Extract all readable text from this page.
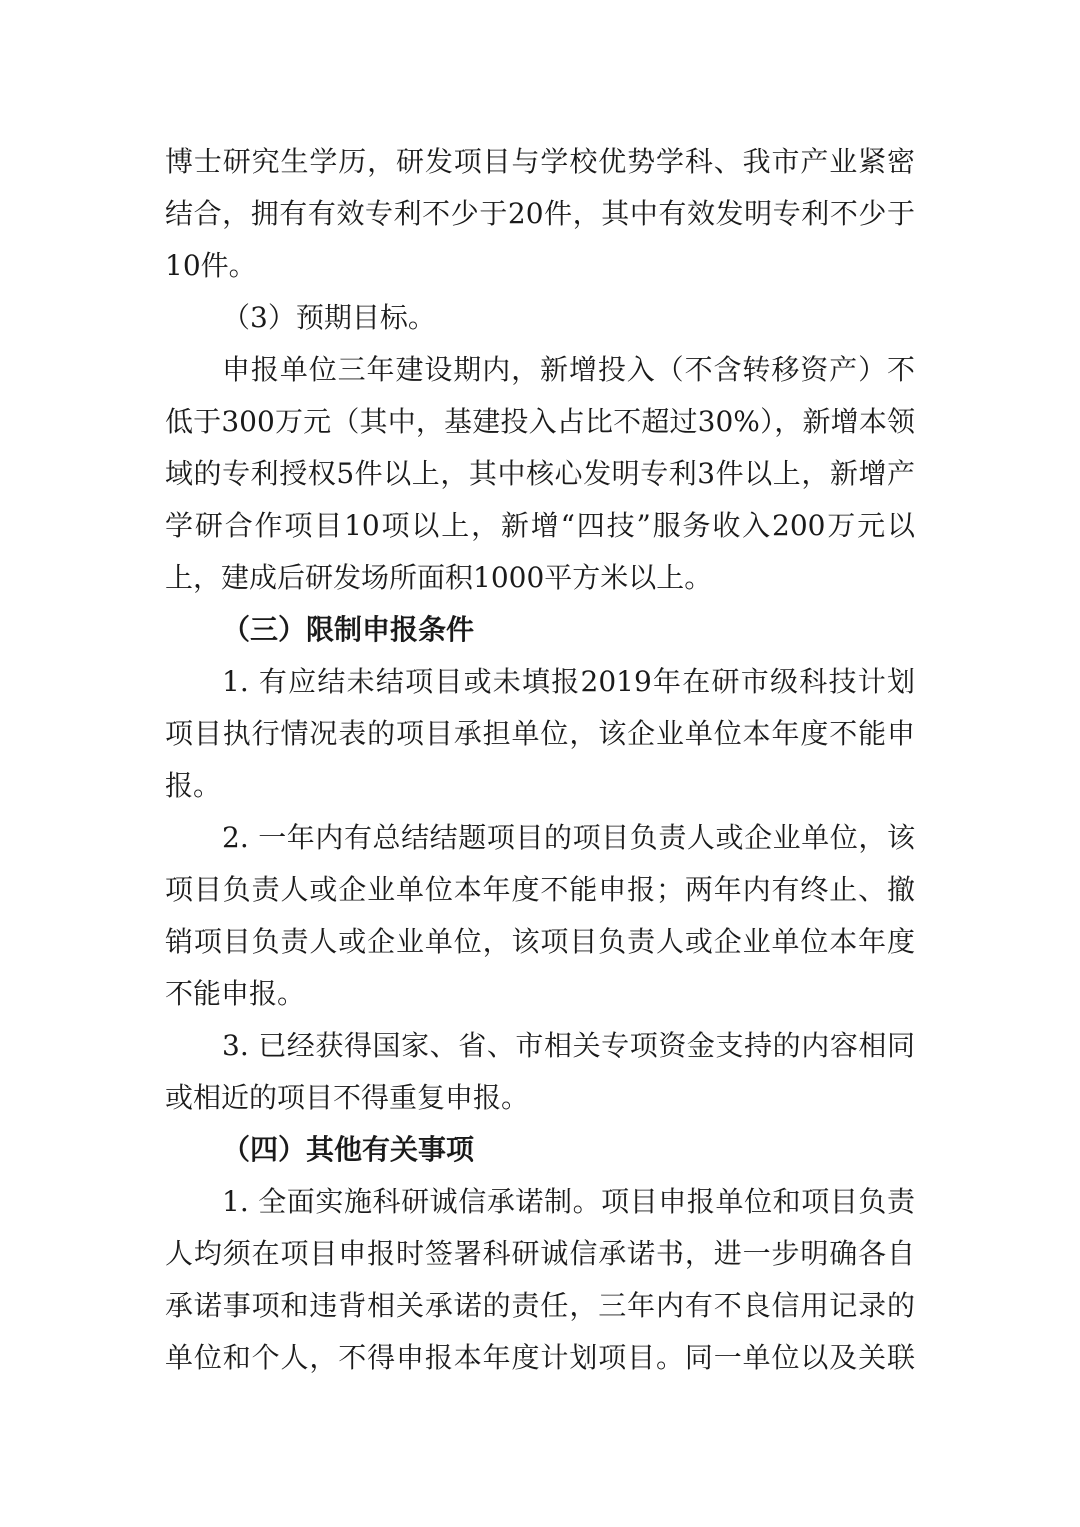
博士研究生学历，研发项目与学校优势学科、我市产业紧密
结合，拥有有效专利不少于20件，其中有效发明专利不少于
10件。
（3）预期目标。
申报单位三年建设期内，新增投入（不含转移资产）不
低于300万元（其中，基建投入占比不超过30%），新增本领
域的专利授权5件以上，其中核心发明专利3件以上，新增产
学研合作项目10项以上，新增“四技”服务收入200万元以
上，建成后研发场所面积1000平方米以上。
（三）限制申报条件
1. 有应结未结项目或未填报2019年在研市级科技计划
项目执行情况表的项目承担单位，该企业单位本年度不能申
报。
2. 一年内有总结结题项目的项目负责人或企业单位，该
项目负责人或企业单位本年度不能申报；两年内有终止、撤
销项目负责人或企业单位，该项目负责人或企业单位本年度
不能申报。
3. 已经获得国家、省、市相关专项资金支持的内容相同
或相近的项目不得重复申报。
（四）其他有关事项
1. 全面实施科研诚信承诺制。项目申报单位和项目负责
人均须在项目申报时签署科研诚信承诺书，进一步明确各自
承诺事项和违背相关承诺的责任，三年内有不良信用记录的
单位和个人，不得申报本年度计划项目。同一单位以及关联
